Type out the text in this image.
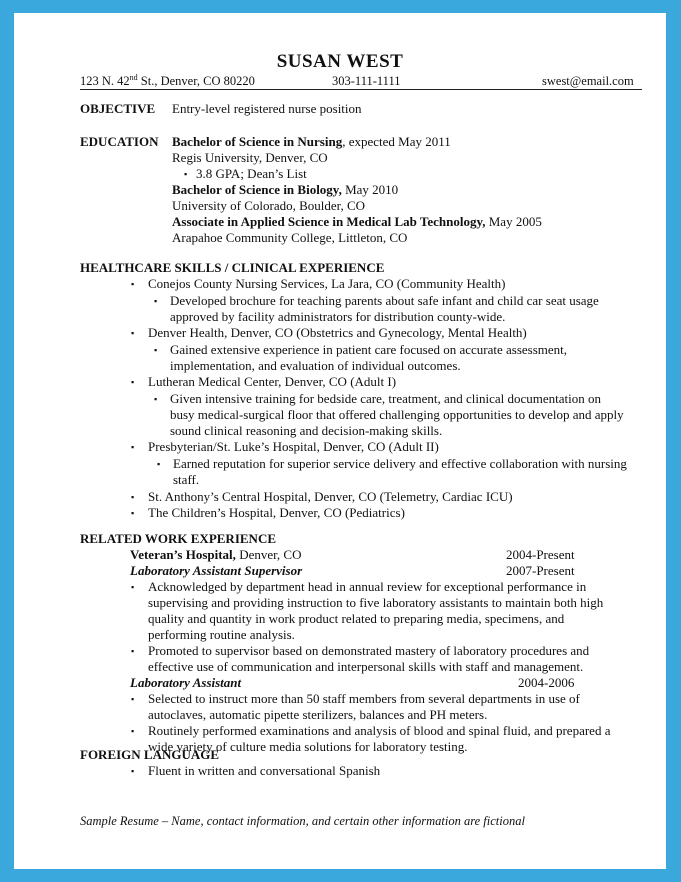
SUSAN WEST
123 N. 42nd St., Denver, CO 80220	303-111-1111	swest@email.com
OBJECTIVE Entry-level registered nurse position
EDUCATION Bachelor of Science in Nursing, expected May 2011
Regis University, Denver, CO
▪ 3.8 GPA; Dean’s List
Bachelor of Science in Biology, May 2010
University of Colorado, Boulder, CO
Associate in Applied Science in Medical Lab Technology, May 2005
Arapahoe Community College, Littleton, CO
HEALTHCARE SKILLS / CLINICAL EXPERIENCE
▪ Conejos County Nursing Services, La Jara, CO (Community Health)
▪ Developed brochure for teaching parents about safe infant and child car seat usage
approved by facility administrators for distribution county-wide.
▪ Denver Health, Denver, CO (Obstetrics and Gynecology, Mental Health)
▪ Gained extensive experience in patient care focused on accurate assessment,
implementation, and evaluation of individual outcomes.
▪ Lutheran Medical Center, Denver, CO (Adult I)
▪ Given intensive training for bedside care, treatment, and clinical documentation on
busy medical-surgical floor that offered challenging opportunities to develop and apply
sound clinical reasoning and decision-making skills.
▪ Presbyterian/St. Luke’s Hospital, Denver, CO (Adult II)
▪ Earned reputation for superior service delivery and effective collaboration with nursing
staff.
▪ St. Anthony’s Central Hospital, Denver, CO (Telemetry, Cardiac ICU)
▪ The Children’s Hospital, Denver, CO (Pediatrics)
RELATED WORK EXPERIENCE
Veteran’s Hospital, Denver, CO	2004-Present
Laboratory Assistant Supervisor	2007-Present
▪ Acknowledged by department head in annual review for exceptional performance in
supervising and providing instruction to five laboratory assistants to maintain both high
quality and quantity in work product related to preparing media, specimens, and
performing routine analysis.
▪ Promoted to supervisor based on demonstrated mastery of laboratory procedures and
effective use of communication and interpersonal skills with staff and management.
Laboratory Assistant	2004-2006
▪ Selected to instruct more than 50 staff members from several departments in use of
autoclaves, automatic pipette sterilizers, balances and PH meters.
▪ Routinely performed examinations and analysis of blood and spinal fluid, and prepared a
wide variety of culture media solutions for laboratory testing.
FOREIGN LANGUAGE
▪ Fluent in written and conversational Spanish
Sample Resume – Name, contact information, and certain other information are fictional
